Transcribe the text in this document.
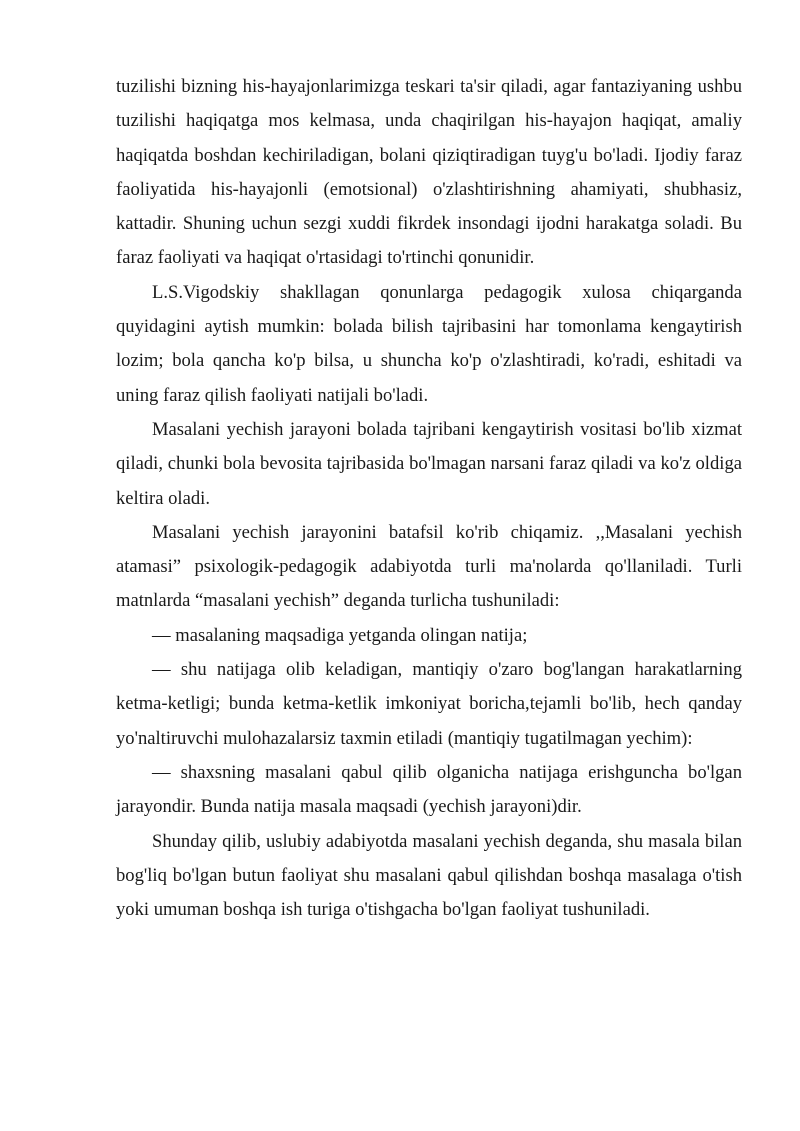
tuzilishi bizning his-hayajonlarimizga teskari ta'sir qiladi, agar fantaziyaning ushbu tuzilishi haqiqatga mos kelmasa, unda chaqirilgan his-hayajon haqiqat, amaliy haqiqatda boshdan kechiriladigan, bolani qiziqtiradigan tuyg'u bo'ladi. Ijodiy faraz faoliyatida his-hayajonli (emotsional) o'zlashtirishning ahamiyati, shubhasiz, kattadir. Shuning uchun sezgi xuddi fikrdek insondagi ijodni harakatga soladi. Bu faraz faoliyati va haqiqat o'rtasidagi to'rtinchi qonunidir.

L.S.Vigodskiy shakllagan qonunlarga pedagogik xulosa chiqarganda quyidagini aytish mumkin: bolada bilish tajribasini har tomonlama kengaytirish lozim; bola qancha ko'p bilsa, u shuncha ko'p o'zlashtiradi, ko'radi, eshitadi va uning faraz qilish faoliyati natijali bo'ladi.

Masalani yechish jarayoni bolada tajribani kengaytirish vositasi bo'lib xizmat qiladi, chunki bola bevosita tajribasida bo'lmagan narsani faraz qiladi va ko'z oldiga keltira oladi.

Masalani yechish jarayonini batafsil ko'rib chiqamiz. ,,Masalani yechish atamasi” psixologik-pedagogik adabiyotda turli ma'nolarda qo'llaniladi. Turli matnlarda “masalani yechish” deganda turlicha tushuniladi:

— masalaning maqsadiga yetganda olingan natija;

— shu natijaga olib keladigan, mantiqiy o'zaro bog'langan harakatlarning ketma-ketligi; bunda ketma-ketlik imkoniyat boricha,tejamli bo'lib, hech qanday yo'naltiruvchi mulohazalarsiz taxmin etiladi (mantiqiy tugatilmagan yechim):

— shaxsning masalani qabul qilib olganicha natijaga erishguncha bo'lgan jarayondir. Bunda natija masala maqsadi (yechish jarayoni)dir.

Shunday qilib, uslubiy adabiyotda masalani yechish deganda, shu masala bilan bog'liq bo'lgan butun faoliyat shu masalani qabul qilishdan boshqa masalaga o'tish yoki umuman boshqa ish turiga o'tishgacha bo'lgan faoliyat tushuniladi.
